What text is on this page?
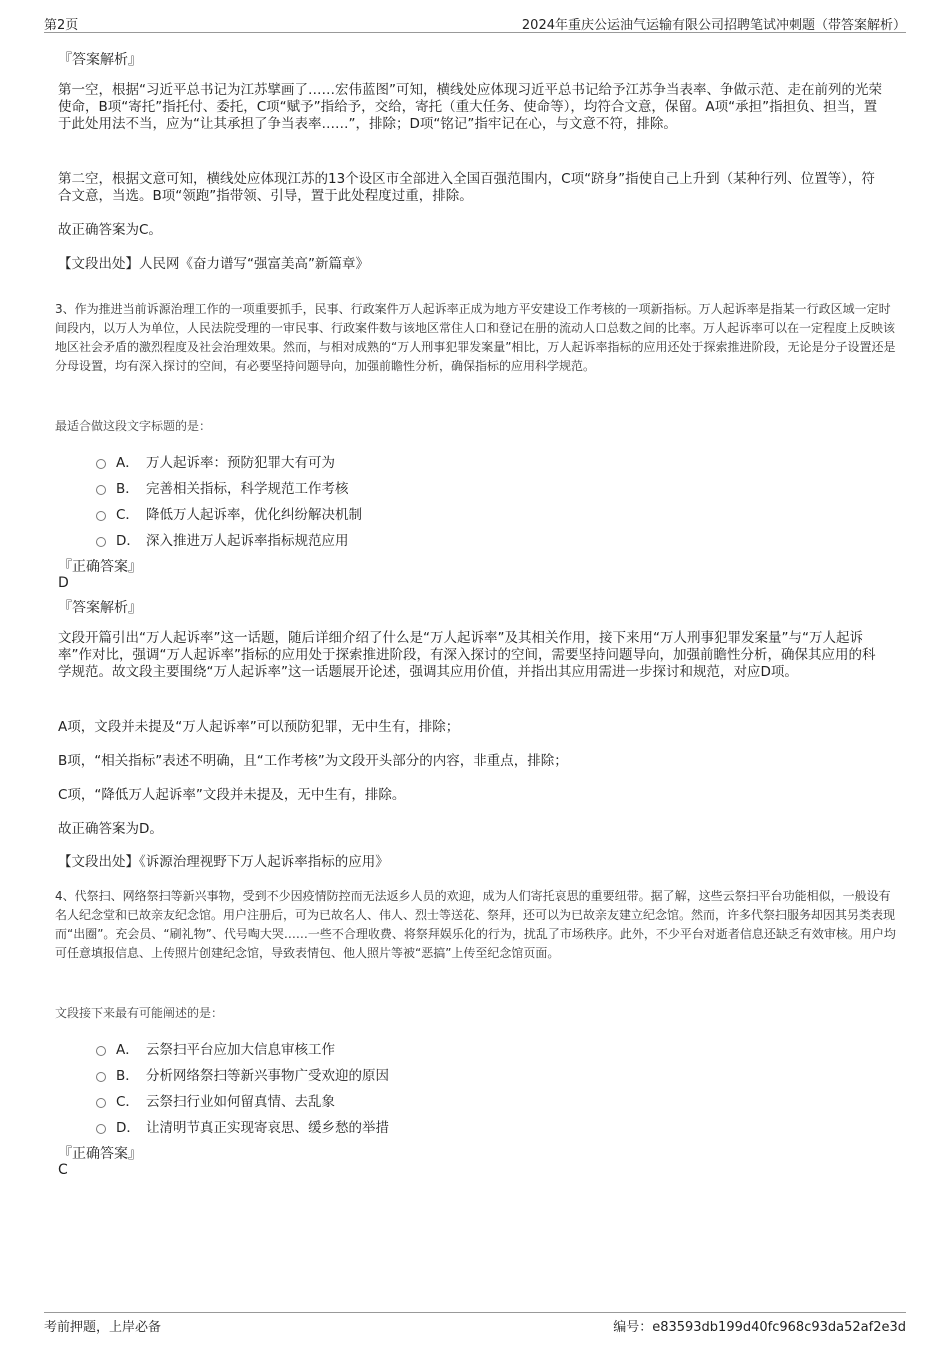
第2页	2024年重庆公运油气运输有限公司招聘笔试冲刺题（带答案解析）
『答案解析』
第一空，根据“习近平总书记为江苏擘画了……宏伟蓝图”可知，横线处应体现习近平总书记给予江苏争当表率、争做示范、走在前列的光荣使命，B项“寄托”指托付、委托，C项“赋予”指给予，交给，寄托（重大任务、使命等），均符合文意，保留。A项“承担”指担负、担当，置于此处用法不当，应为“让其承担了争当表率……”，排除；D项“铭记”指牢记在心，与文意不符，排除。
第二空，根据文意可知，横线处应体现江苏的13个设区市全部进入全国百强范围内，C项“跻身”指使自己上升到（某种行列、位置等），符合文意，当选。B项“领跑”指带领、引导，置于此处程度过重，排除。
故正确答案为C。
【文段出处】人民网《奋力谱写“强富美高”新篇章》
3、作为推进当前诉源治理工作的一项重要抓手，民事、行政案件万人起诉率正成为地方平安建设工作考核的一项新指标。万人起诉率是指某一行政区域一定时间段内，以万人为单位，人民法院受理的一审民事、行政案件数与该地区常住人口和登记在册的流动人口总数之间的比率。万人起诉率可以在一定程度上反映该地区社会矛盾的激烈程度及社会治理效果。然而，与相对成熟的“万人刑事犯罪发案量”相比，万人起诉率指标的应用还处于探索推进阶段，无论是分子设置还是分母设置，均有深入探讨的空间，有必要坚持问题导向，加强前瞻性分析，确保指标的应用科学规范。
最适合做这段文字标题的是：
A． 万人起诉率：预防犯罪大有可为
B． 完善相关指标，科学规范工作考核
C． 降低万人起诉率，优化纠纷解决机制
D． 深入推进万人起诉率指标规范应用
『正确答案』
D
『答案解析』
文段开篇引出“万人起诉率”这一话题，随后详细介绍了什么是“万人起诉率”及其相关作用，接下来用“万人刑事犯罪发案量”与“万人起诉率”作对比，强调“万人起诉率”指标的应用处于探索推进阶段，有深入探讨的空间，需要坚持问题导向，加强前瞻性分析，确保其应用的科学规范。故文段主要围绕“万人起诉率”这一话题展开论述，强调其应用价值，并指出其应用需进一步探讨和规范，对应D项。
A项，文段并未提及“万人起诉率”可以预防犯罪，无中生有，排除；
B项，“相关指标”表述不明确，且“工作考核”为文段开头部分的内容，非重点，排除；
C项，“降低万人起诉率”文段并未提及，无中生有，排除。
故正确答案为D。
【文段出处】《诉源治理视野下万人起诉率指标的应用》
4、代祭扫、网络祭扫等新兴事物，受到不少因疫情防控而无法返乡人员的欢迎，成为人们寄托哀思的重要纽带。据了解，这些云祭扫平台功能相似，一般设有名人纪念堂和已故亲友纪念馆。用户注册后，可为已故名人、伟人、烈士等送花、祭拜，还可以为已故亲友建立纪念馆。然而，许多代祭扫服务却因其另类表现而“出圈”。充会员、“刷礼物”、代号啕大哭……一些不合理收费、将祭拜娱乐化的行为，扰乱了市场秩序。此外，不少平台对逝者信息还缺乏有效审核。用户均可任意填报信息、上传照片创建纪念馆，导致表情包、他人照片等被“恶搞”上传至纪念馆页面。
文段接下来最有可能阐述的是：
A． 云祭扫平台应加大信息审核工作
B． 分析网络祭扫等新兴事物广受欢迎的原因
C． 云祭扫行业如何留真情、去乱象
D． 让清明节真正实现寄哀思、缓乡愁的举措
『正确答案』
C
考前押题，上岸必备	编号：e83593db199d40fc968c93da52af2e3d
